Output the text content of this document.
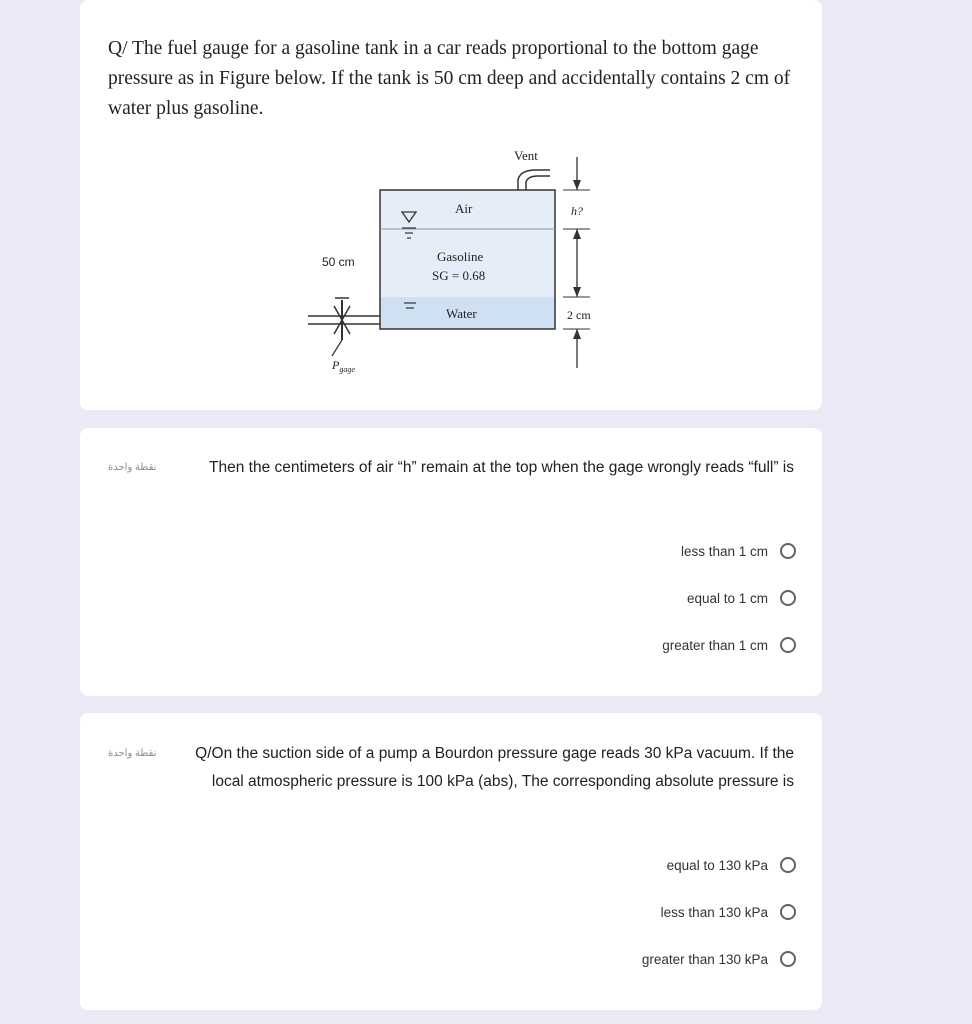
Q/ The fuel gauge for a gasoline tank in a car reads proportional to the bottom gage pressure as in Figure below. If the tank is 50 cm deep and accidentally contains 2 cm of water plus gasoline.
Vent
Air
Gasoline
SG = 0.68
Water
50 cm
h?
2 cm
$P_{gage}$
نقطة واحدة	Then the centimeters of air “h” remain at the top when the gage wrongly reads “full” is
less than 1 cm
equal to 1 cm
greater than 1 cm
نقطة واحدة	Q/On the suction side of a pump a Bourdon pressure gage reads 30 kPa vacuum. If the local atmospheric pressure is 100 kPa (abs), The corresponding absolute pressure is
equal to 130 kPa
less than 130 kPa
greater than 130 kPa
